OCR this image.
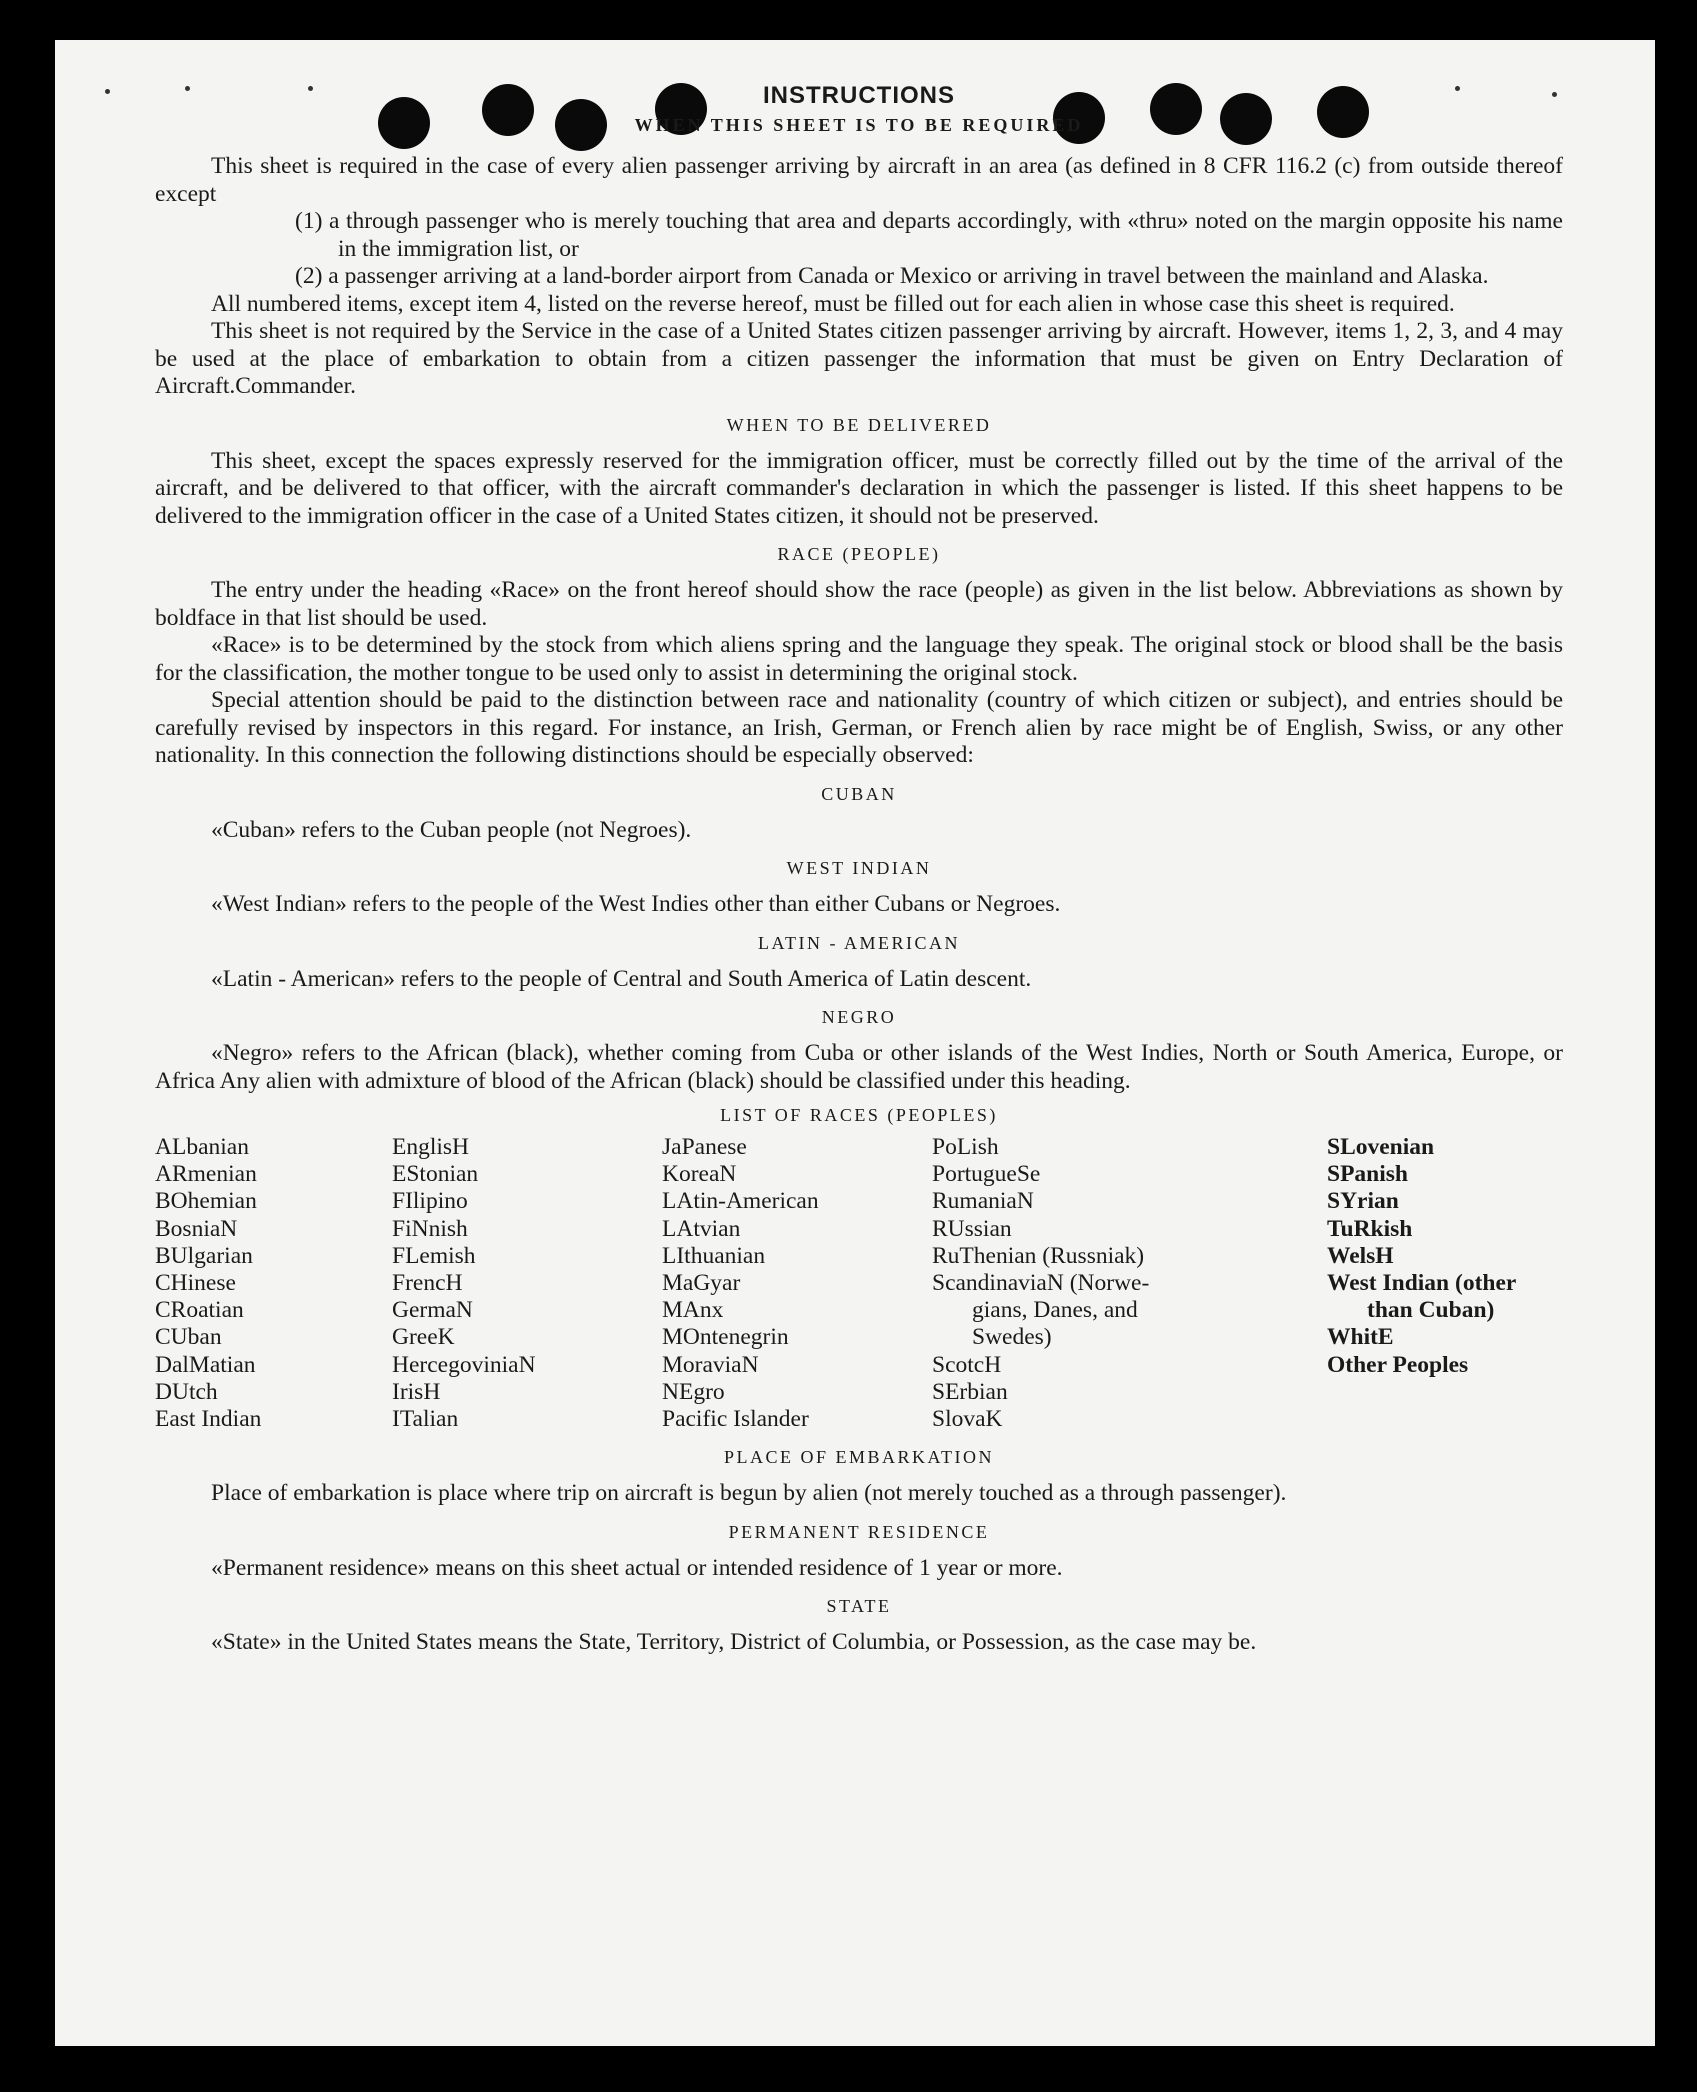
INSTRUCTIONS

WHEN THIS SHEET IS TO BE REQUIRED

This sheet is required in the case of every alien passenger arriving by aircraft in an area (as defined in 8 CFR 116.2 (c) from outside thereof except

(1) a through passenger who is merely touching that area and departs accordingly, with «thru» noted on the margin opposite his name in the immigration list, or

(2) a passenger arriving at a land-border airport from Canada or Mexico or arriving in travel between the mainland and Alaska.

All numbered items, except item 4, listed on the reverse hereof, must be filled out for each alien in whose case this sheet is required.

This sheet is not required by the Service in the case of a United States citizen passenger arriving by aircraft. However, items 1, 2, 3, and 4 may be used at the place of embarkation to obtain from a citizen passenger the information that must be given on Entry Declaration of Aircraft.Commander.

WHEN TO BE DELIVERED

This sheet, except the spaces expressly reserved for the immigration officer, must be correctly filled out by the time of the arrival of the aircraft, and be delivered to that officer, with the aircraft commander's declaration in which the passenger is listed. If this sheet happens to be delivered to the immigration officer in the case of a United States citizen, it should not be preserved.

RACE (PEOPLE)

The entry under the heading «Race» on the front hereof should show the race (people) as given in the list below. Abbreviations as shown by boldface in that list should be used.

«Race» is to be determined by the stock from which aliens spring and the language they speak. The original stock or blood shall be the basis for the classification, the mother tongue to be used only to assist in determining the original stock.

Special attention should be paid to the distinction between race and nationality (country of which citizen or subject), and entries should be carefully revised by inspectors in this regard. For instance, an Irish, German, or French alien by race might be of English, Swiss, or any other nationality. In this connection the following distinctions should be especially observed:

CUBAN

«Cuban» refers to the Cuban people (not Negroes).

WEST INDIAN

«West Indian» refers to the people of the West Indies other than either Cubans or Negroes.

LATIN - AMERICAN

«Latin - American» refers to the people of Central and South America of Latin descent.

NEGRO

«Negro» refers to the African (black), whether coming from Cuba or other islands of the West Indies, North or South America, Europe, or Africa Any alien with admixture of blood of the African (black) should be classified under this heading.

LIST OF RACES (PEOPLES)
ALbanian
ARmenian
BOhemian
BosniaN
BUlgarian
CHinese
CRoatian
CUban
DalMatian
DUtch
East Indian
EnglisH
EStonian
FIlipino
FiNnish
FLemish
FrencH
GermaN
GreeK
HercegoviniaN
IrisH
ITalian
JaPanese
KoreaN
LAtin-American
LAtvian
LIthuanian
MaGyar
MAnx
MOntenegrin
MoraviaN
NEgro
Pacific Islander
PoLish
PortugueSe
RumaniaN
RUssian
RuThenian (Russniak)
ScandinaviaN (Norwe-
gians, Danes, and
Swedes)
ScotcH
SErbian
SlovaK
SLovenian
SPanish
SYrian
TuRkish
WelsH
West Indian (other
than Cuban)
WhitE
Other Peoples
PLACE OF EMBARKATION

Place of embarkation is place where trip on aircraft is begun by alien (not merely touched as a through passenger).

PERMANENT RESIDENCE

«Permanent residence» means on this sheet actual or intended residence of 1 year or more.

STATE

«State» in the United States means the State, Territory, District of Columbia, or Possession, as the case may be.
